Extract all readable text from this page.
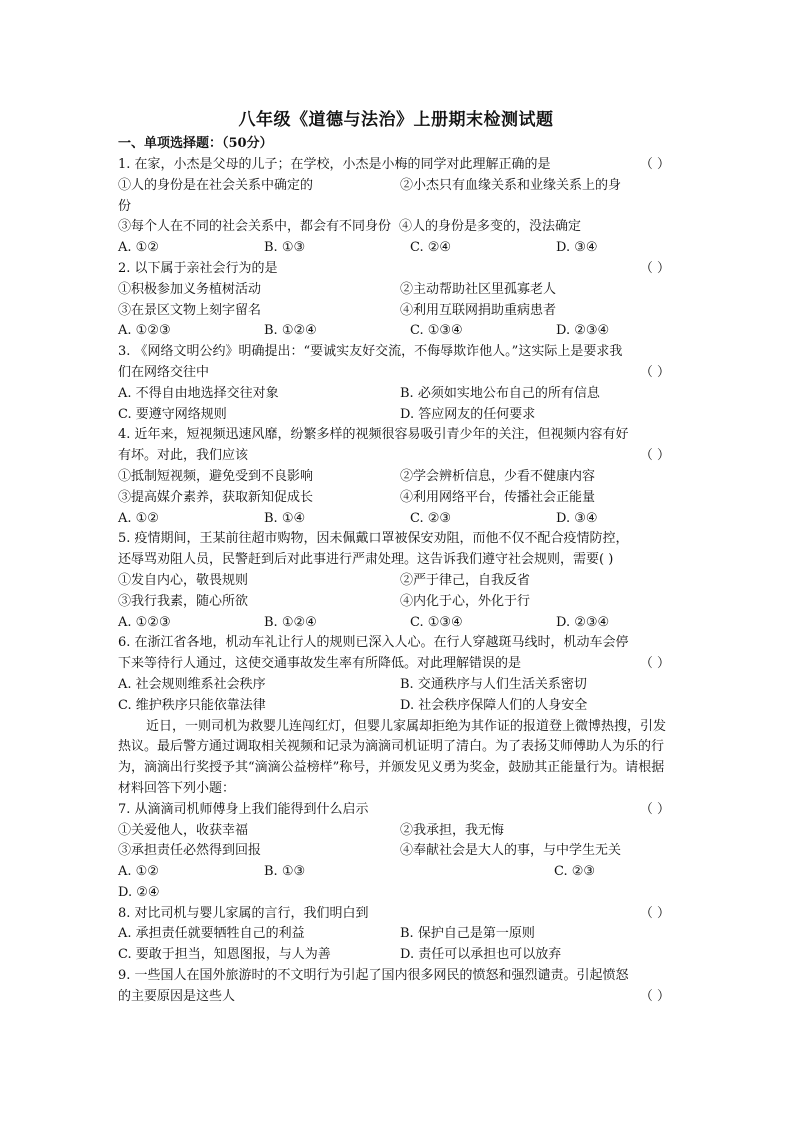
八年级《道德与法治》上册期末检测试题
一、单项选择题：（50分）
1. 在家，小杰是父母的儿子；在学校，小杰是小梅的同学对此理解正确的是	（ ）
①人的身份是在社会关系中确定的	②小杰只有血缘关系和业缘关系上的身
份
③每个人在不同的社会关系中，都会有不同身份 ④人的身份是多变的，没法确定
A. ①②	B. ①③	C. ②④	D. ③④
2. 以下属于亲社会行为的是	（ ）
①积极参加义务植树活动	②主动帮助社区里孤寡老人
③在景区文物上刻字留名	④利用互联网捐助重病患者
A. ①②③	B. ①②④	C. ①③④	D. ②③④
3. 《网络文明公约》明确提出：“要诚实友好交流，不侮辱欺诈他人。”这实际上是要求我
们在网络交往中	（ ）
A. 不得自由地选择交往对象	B. 必须如实地公布自己的所有信息
C. 要遵守网络规则	D. 答应网友的任何要求
4. 近年来，短视频迅速风靡，纷繁多样的视频很容易吸引青少年的关注，但视频内容有好
有坏。对此，我们应该	（ ）
①抵制短视频，避免受到不良影响	②学会辨析信息，少看不健康内容
③提高媒介素养，获取新知促成长	④利用网络平台，传播社会正能量
A. ①②	B. ①④	C. ②③	D. ③④
5. 疫情期间，王某前往超市购物，因未佩戴口罩被保安劝阻，而他不仅不配合疫情防控，
还辱骂劝阻人员，民警赶到后对此事进行严肃处理。这告诉我们遵守社会规则，需要( )
①发自内心，敬畏规则	②严于律己，自我反省
③我行我素，随心所欲	④内化于心，外化于行
A. ①②③	B. ①②④	C. ①③④	D. ②③④
6. 在浙江省各地，机动车礼让行人的规则已深入人心。在行人穿越斑马线时，机动车会停
下来等待行人通过，这使交通事故发生率有所降低。对此理解错误的是	（ ）
A. 社会规则维系社会秩序	B. 交通秩序与人们生活关系密切
C. 维护秩序只能依靠法律	D. 社会秩序保障人们的人身安全
近日，一则司机为救婴儿连闯红灯，但婴儿家属却拒绝为其作证的报道登上微博热搜，引发热议。最后警方通过调取相关视频和记录为滴滴司机证明了清白。为了表扬艾师傅助人为乐的行为，滴滴出行奖授予其“滴滴公益榜样”称号，并颁发见义勇为奖金，鼓励其正能量行为。请根据材料回答下列小题：
7. 从滴滴司机师傅身上我们能得到什么启示	（ ）
①关爱他人，收获幸福	②我承担，我无悔
③承担责任必然得到回报	④奉献社会是大人的事，与中学生无关
A. ①②	B. ①③	C. ②③
D. ②④
8. 对比司机与婴儿家属的言行，我们明白到	（ ）
A. 承担责任就要牺牲自己的利益	B. 保护自己是第一原则
C. 要敢于担当，知恩图报，与人为善	D. 责任可以承担也可以放弃
9. 一些国人在国外旅游时的不文明行为引起了国内很多网民的愤怒和强烈谴责。引起愤怒
的主要原因是这些人	（ ）
